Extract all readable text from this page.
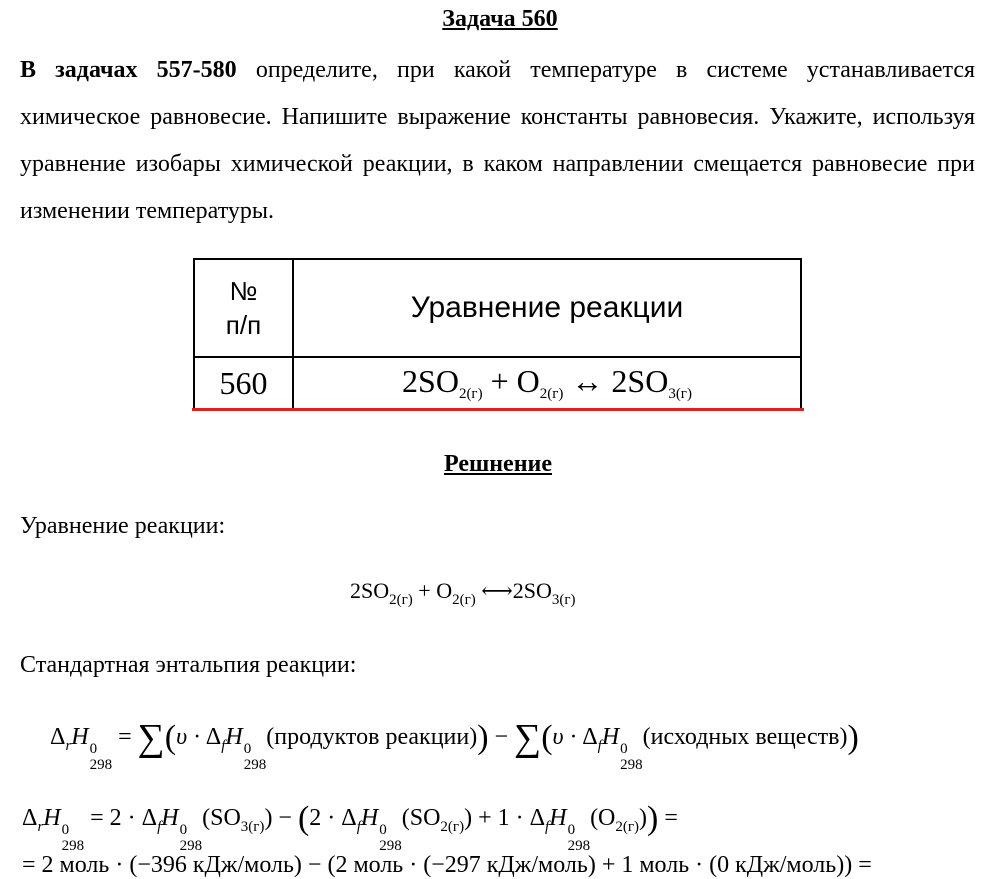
Задача 560

В задачах 557-580 определите, при какой температуре в системе устанавливается химическое равновесие. Напишите выражение константы равновесия. Укажите, используя уравнение изобары химической реакции, в каком направлении смещается равновесие при изменении температуры.

№
п/п	Уравнение реакции
560	$2SO_{2(г)} + O_{2(г)}$ ↔ $2SO_{3(г)}$
Решнение
Уравнение реакции:
$2SO_{2(г)} + O_{2(г)}$ $⟷2SO_{3(г)}$
Стандартная энтальпия реакции:
$\Delta_rH$ 0
298
= $\sum(\upsilon \cdot \Delta_fH$ 0
298
(продуктов реакции)) − $\sum(\upsilon \cdot \Delta_fH$ 0
298
(исходных веществ))
$\Delta_rH$ 0
298
= $2 \cdot \Delta_fH$ 0
298
$(SO_{3(г)}) - (2 \cdot \Delta_fH$ 0
298
$(SO_{2(г)}) + 1 \cdot \Delta_fH$ 0
298
$(O_{2(г)})$) =
= 2 моль · (−396 кДж/моль) − (2 моль · (−297 кДж/моль) + 1 моль · (0 кДж/моль)) =
